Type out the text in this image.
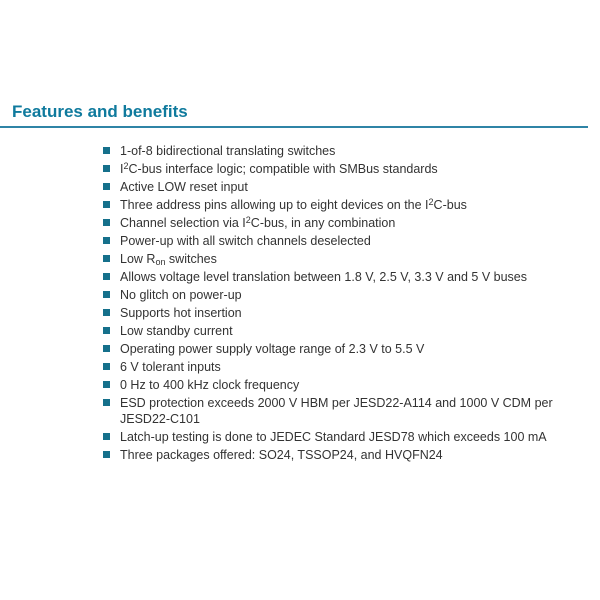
Features and benefits
1-of-8 bidirectional translating switches
$I^2C$-bus interface logic; compatible with SMBus standards
Active LOW reset input
Three address pins allowing up to eight devices on the $I^2C$-bus
Channel selection via $I^2C$-bus, in any combination
Power-up with all switch channels deselected
Low $R_{on}$ switches
Allows voltage level translation between 1.8 V, 2.5 V, 3.3 V and 5 V buses
No glitch on power-up
Supports hot insertion
Low standby current
Operating power supply voltage range of 2.3 V to 5.5 V
6 V tolerant inputs
0 Hz to 400 kHz clock frequency
ESD protection exceeds 2000 V HBM per JESD22-A114 and 1000 V CDM per
JESD22-C101
Latch-up testing is done to JEDEC Standard JESD78 which exceeds 100 mA
Three packages offered: SO24, TSSOP24, and HVQFN24
